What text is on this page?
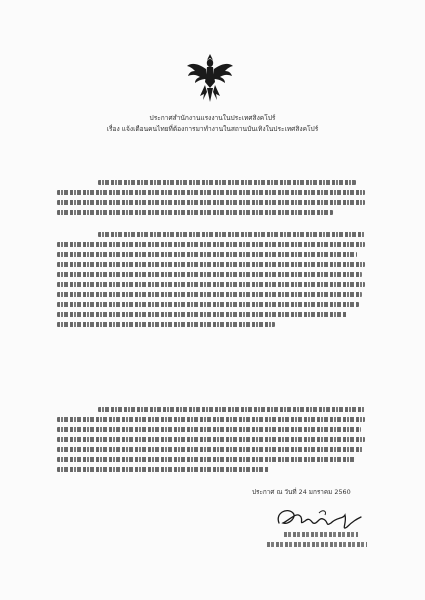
ประกาศสำนักงานแรงงานในประเทศสิงคโปร์
เรื่อง แจ้งเตือนคนไทยที่ต้องการมาทำงานในสถานบันเทิงในประเทศสิงคโปร์
ประกาศ ณ วันที่ 24 มกราคม 2560
